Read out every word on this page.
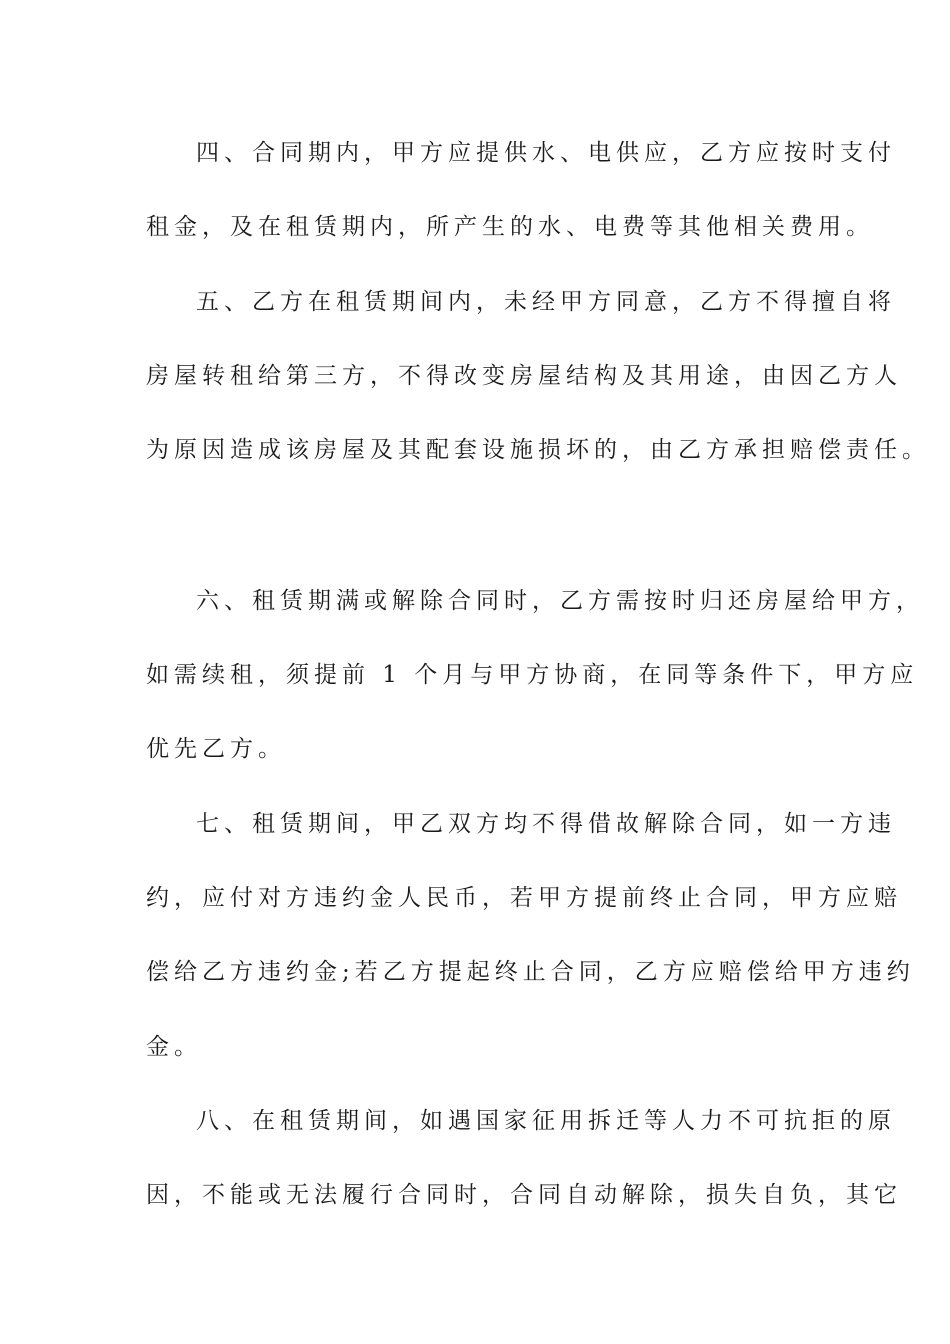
四、合同期内，甲方应提供水、电供应，乙方应按时支付
租金，及在租赁期内，所产生的水、电费等其他相关费用。
五、乙方在租赁期间内，未经甲方同意，乙方不得擅自将
房屋转租给第三方，不得改变房屋结构及其用途，由因乙方人
为原因造成该房屋及其配套设施损坏的，由乙方承担赔偿责任。
六、租赁期满或解除合同时，乙方需按时归还房屋给甲方，
如需续租，须提前 1 个月与甲方协商，在同等条件下，甲方应
优先乙方。
七、租赁期间，甲乙双方均不得借故解除合同，如一方违
约，应付对方违约金人民币，若甲方提前终止合同，甲方应赔
偿给乙方违约金;若乙方提起终止合同，乙方应赔偿给甲方违约
金。
八、在租赁期间，如遇国家征用拆迁等人力不可抗拒的原
因，不能或无法履行合同时，合同自动解除，损失自负，其它
